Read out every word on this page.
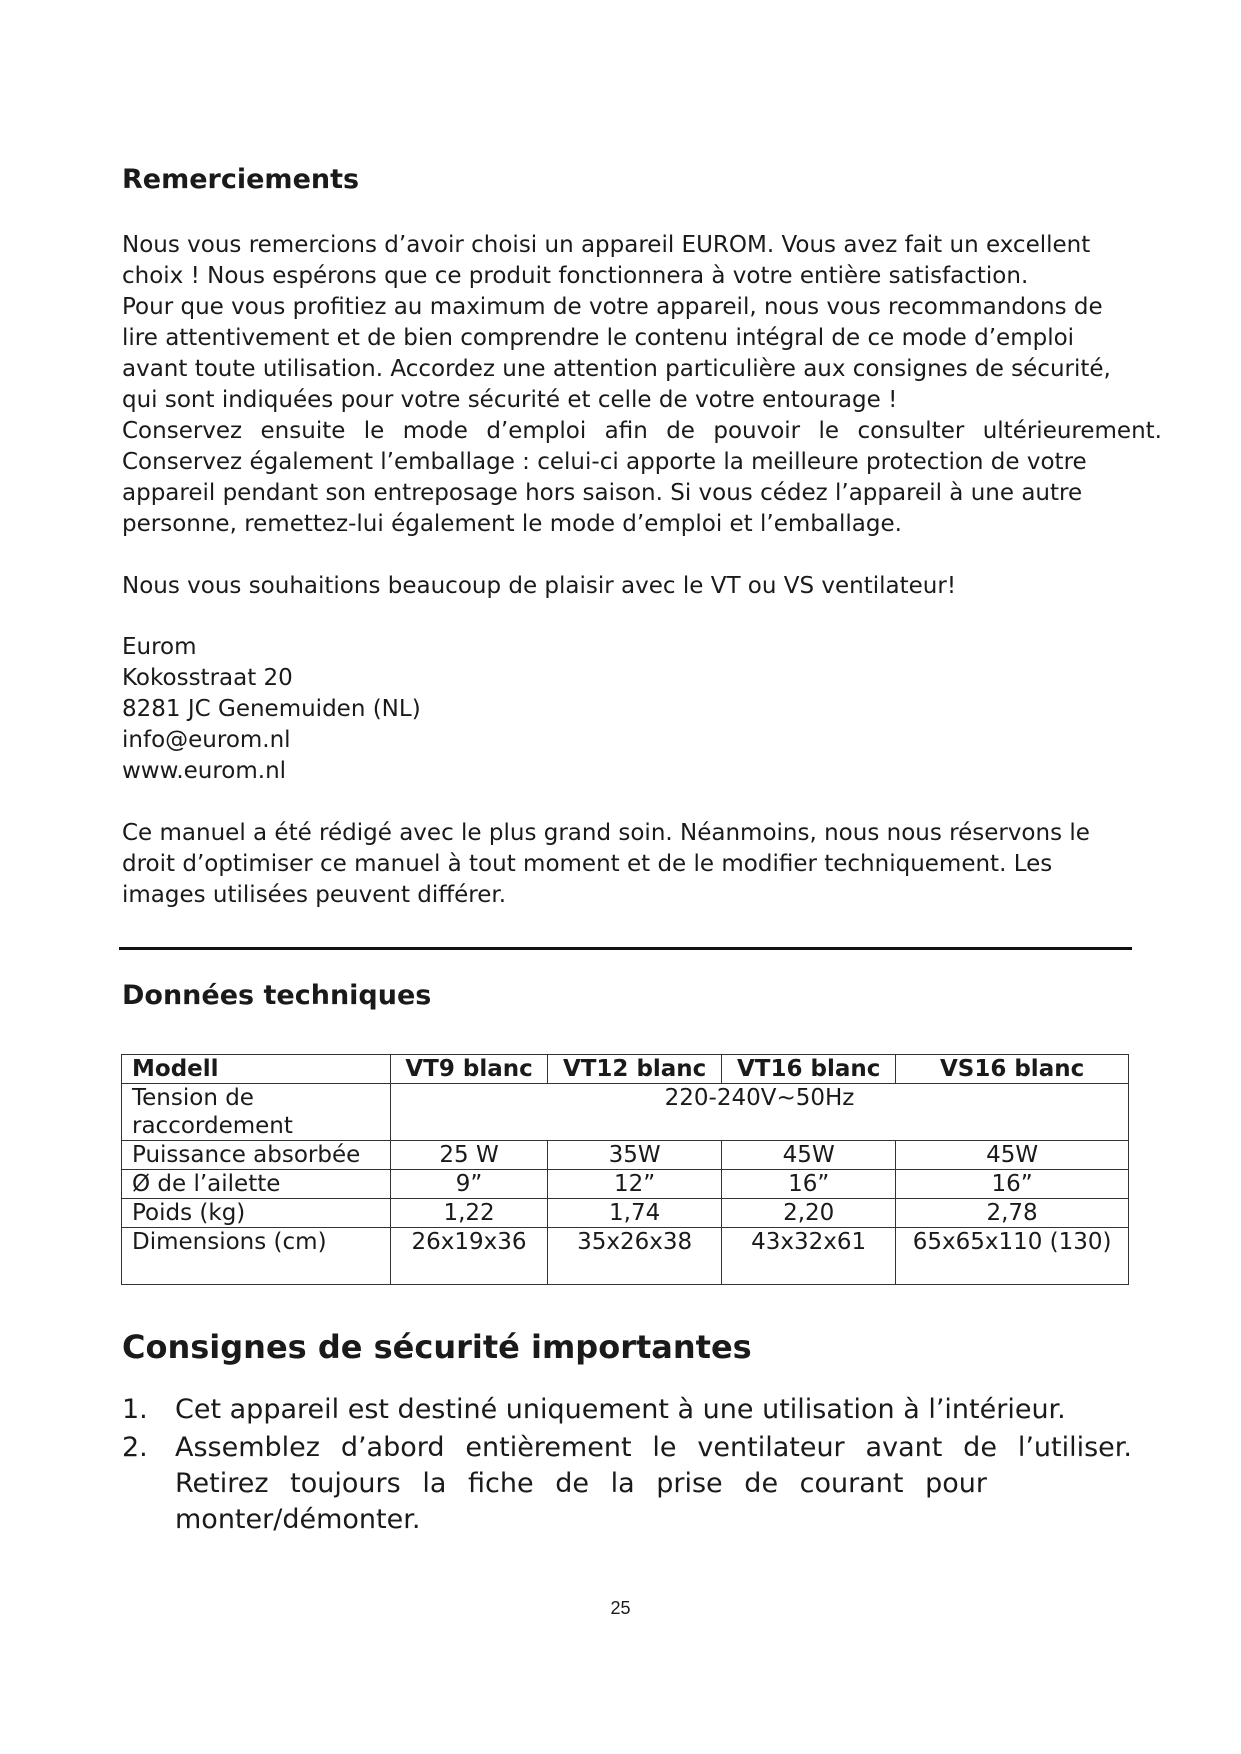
Remerciements

Nous vous remercions d’avoir choisi un appareil EUROM. Vous avez fait un excellent
choix ! Nous espérons que ce produit fonctionnera à votre entière satisfaction.
Pour que vous profitiez au maximum de votre appareil, nous vous recommandons de
lire attentivement et de bien comprendre le contenu intégral de ce mode d’emploi
avant toute utilisation. Accordez une attention particulière aux consignes de sécurité,
qui sont indiquées pour votre sécurité et celle de votre entourage !
Conservez ensuite le mode d’emploi afin de pouvoir le consulter ultérieurement.
Conservez également l’emballage : celui-ci apporte la meilleure protection de votre
appareil pendant son entreposage hors saison. Si vous cédez l’appareil à une autre
personne, remettez-lui également le mode d’emploi et l’emballage.

Nous vous souhaitions beaucoup de plaisir avec le VT ou VS ventilateur!

Eurom
Kokosstraat 20
8281 JC Genemuiden (NL)
info@eurom.nl
www.eurom.nl

Ce manuel a été rédigé avec le plus grand soin. Néanmoins, nous nous réservons le
droit d’optimiser ce manuel à tout moment et de le modifier techniquement. Les
images utilisées peuvent différer.

Données techniques
Modell	VT9 blanc	VT12 blanc	VT16 blanc	VS16 blanc
Tension de raccordement	220-240V~50Hz			
Puissance absorbée	25 W	35W	45W	45W
Ø de l’ailette	9”	12”	16”	16”
Poids (kg)	1,22	1,74	2,20	2,78
Dimensions (cm)	26x19x36	35x26x38	43x32x61	65x65x110 (130)
Consignes de sécurité importantes
1. Cet appareil est destiné uniquement à une utilisation à l’intérieur.
2. Assemblez d’abord entièrement le ventilateur avant de l’utiliser.
Retirez toujours la fiche de la prise de courant pour
monter/démonter.
25
